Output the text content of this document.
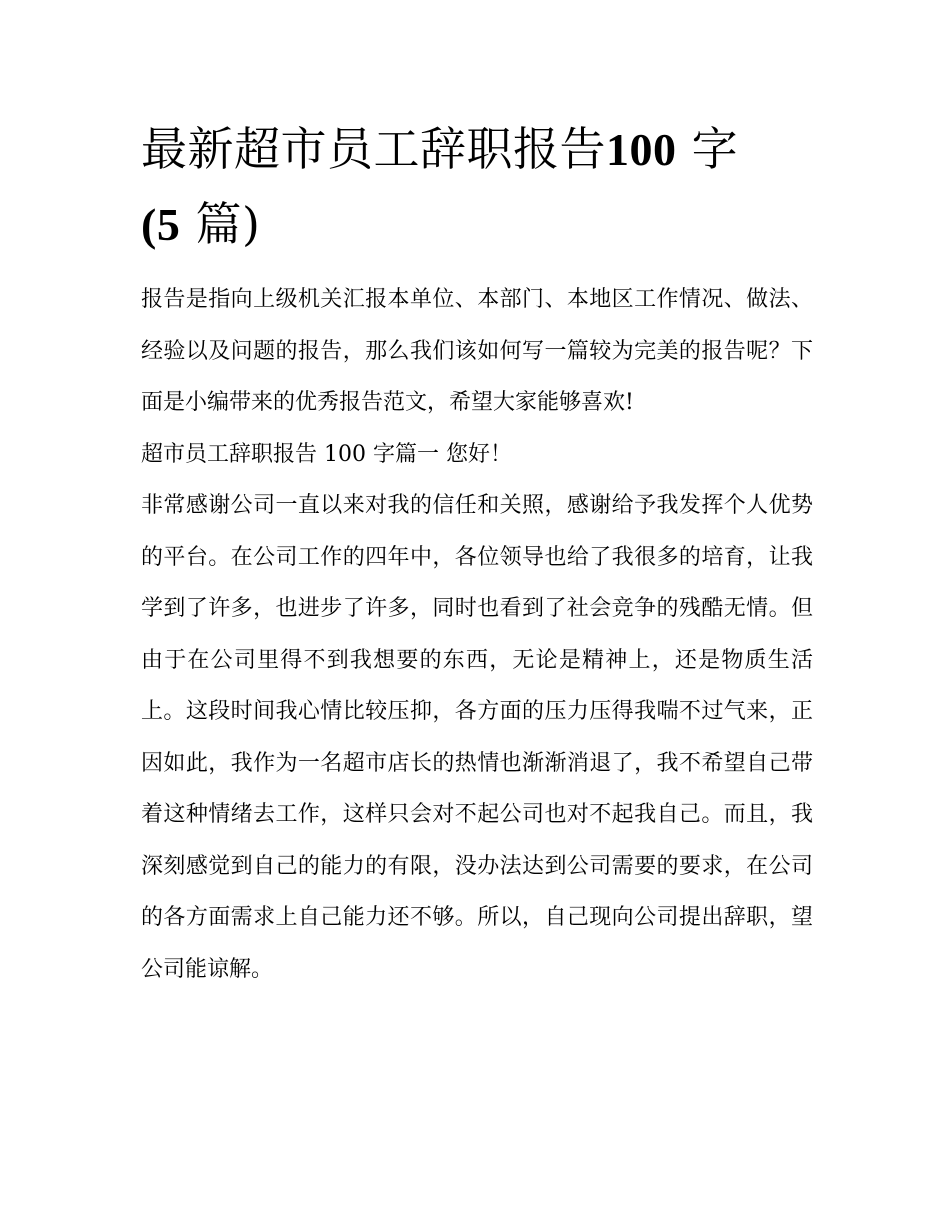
最新超市员工辞职报告100 字
(5 篇)

报告是指向上级机关汇报本单位、本部门、本地区工作情况、做法、经验以及问题的报告，那么我们该如何写一篇较为完美的报告呢？下面是小编带来的优秀报告范文，希望大家能够喜欢!

超市员工辞职报告 100 字篇一 您好！

非常感谢公司一直以来对我的信任和关照，感谢给予我发挥个人优势的平台。在公司工作的四年中，各位领导也给了我很多的培育，让我学到了许多，也进步了许多，同时也看到了社会竞争的残酷无情。但由于在公司里得不到我想要的东西，无论是精神上，还是物质生活上。这段时间我心情比较压抑，各方面的压力压得我喘不过气来，正因如此，我作为一名超市店长的热情也渐渐消退了，我不希望自己带着这种情绪去工作，这样只会对不起公司也对不起我自己。而且，我深刻感觉到自己的能力的有限，没办法达到公司需要的要求，在公司的各方面需求上自己能力还不够。所以，自己现向公司提出辞职，望公司能谅解。
